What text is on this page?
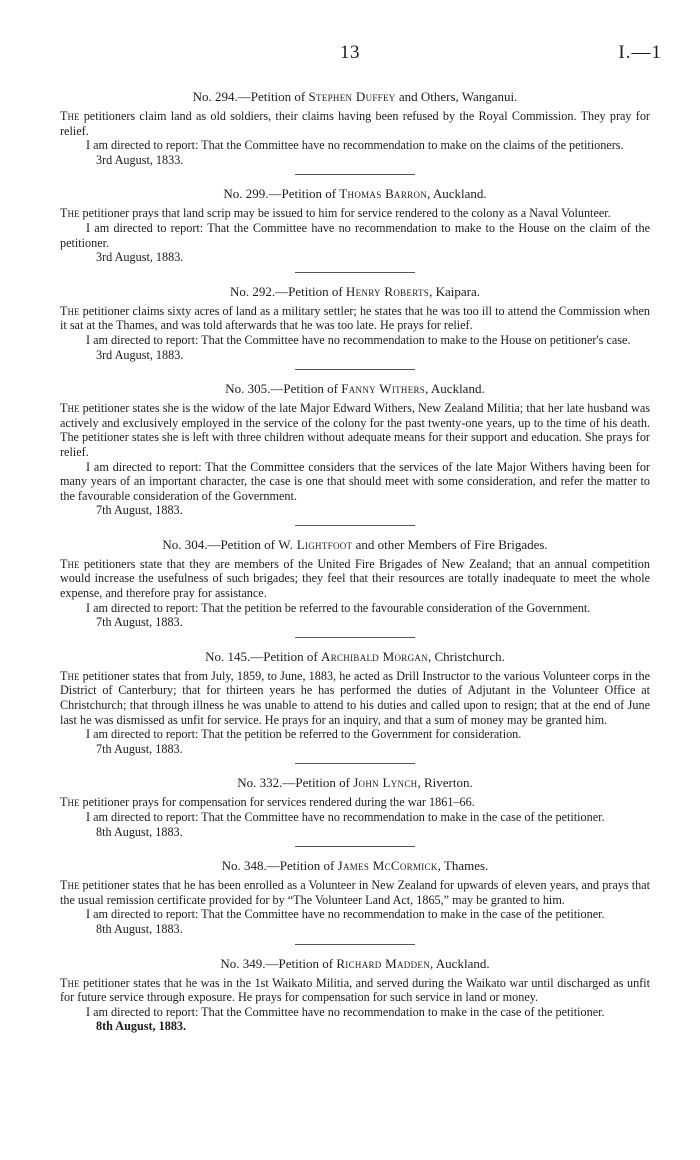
13	I.—1

No. 294.—Petition of Stephen Duffey and Others, Wanganui.

The petitioners claim land as old soldiers, their claims having been refused by the Royal Commission. They pray for relief.

I am directed to report: That the Committee have no recommendation to make on the claims of the petitioners.

3rd August, 1833.

No. 299.—Petition of Thomas Barron, Auckland.

The petitioner prays that land scrip may be issued to him for service rendered to the colony as a Naval Volunteer.

I am directed to report: That the Committee have no recommendation to make to the House on the claim of the petitioner.

3rd August, 1883.

No. 292.—Petition of Henry Roberts, Kaipara.

The petitioner claims sixty acres of land as a military settler; he states that he was too ill to attend the Commission when it sat at the Thames, and was told afterwards that he was too late. He prays for relief.

I am directed to report: That the Committee have no recommendation to make to the House on petitioner's case.

3rd August, 1883.

No. 305.—Petition of Fanny Withers, Auckland.

The petitioner states she is the widow of the late Major Edward Withers, New Zealand Militia; that her late husband was actively and exclusively employed in the service of the colony for the past twenty-one years, up to the time of his death. The petitioner states she is left with three children without adequate means for their support and education. She prays for relief.

I am directed to report: That the Committee considers that the services of the late Major Withers having been for many years of an important character, the case is one that should meet with some consideration, and refer the matter to the favourable consideration of the Government.

7th August, 1883.

No. 304.—Petition of W. Lightfoot and other Members of Fire Brigades.

The petitioners state that they are members of the United Fire Brigades of New Zealand; that an annual competition would increase the usefulness of such brigades; they feel that their resources are totally inadequate to meet the whole expense, and therefore pray for assistance.

I am directed to report: That the petition be referred to the favourable consideration of the Government.

7th August, 1883.

No. 145.—Petition of Archibald Morgan, Christchurch.

The petitioner states that from July, 1859, to June, 1883, he acted as Drill Instructor to the various Volunteer corps in the District of Canterbury; that for thirteen years he has performed the duties of Adjutant in the Volunteer Office at Christchurch; that through illness he was unable to attend to his duties and called upon to resign; that at the end of June last he was dismissed as unfit for service. He prays for an inquiry, and that a sum of money may be granted him.

I am directed to report: That the petition be referred to the Government for consideration.

7th August, 1883.

No. 332.—Petition of John Lynch, Riverton.

The petitioner prays for compensation for services rendered during the war 1861–66.

I am directed to report: That the Committee have no recommendation to make in the case of the petitioner.

8th August, 1883.

No. 348.—Petition of James McCormick, Thames.

The petitioner states that he has been enrolled as a Volunteer in New Zealand for upwards of eleven years, and prays that the usual remission certificate provided for by “The Volunteer Land Act, 1865,” may be granted to him.

I am directed to report: That the Committee have no recommendation to make in the case of the petitioner.

8th August, 1883.

No. 349.—Petition of Richard Madden, Auckland.

The petitioner states that he was in the 1st Waikato Militia, and served during the Waikato war until discharged as unfit for future service through exposure. He prays for compensation for such service in land or money.

I am directed to report: That the Committee have no recommendation to make in the case of the petitioner.

8th August, 1883.
